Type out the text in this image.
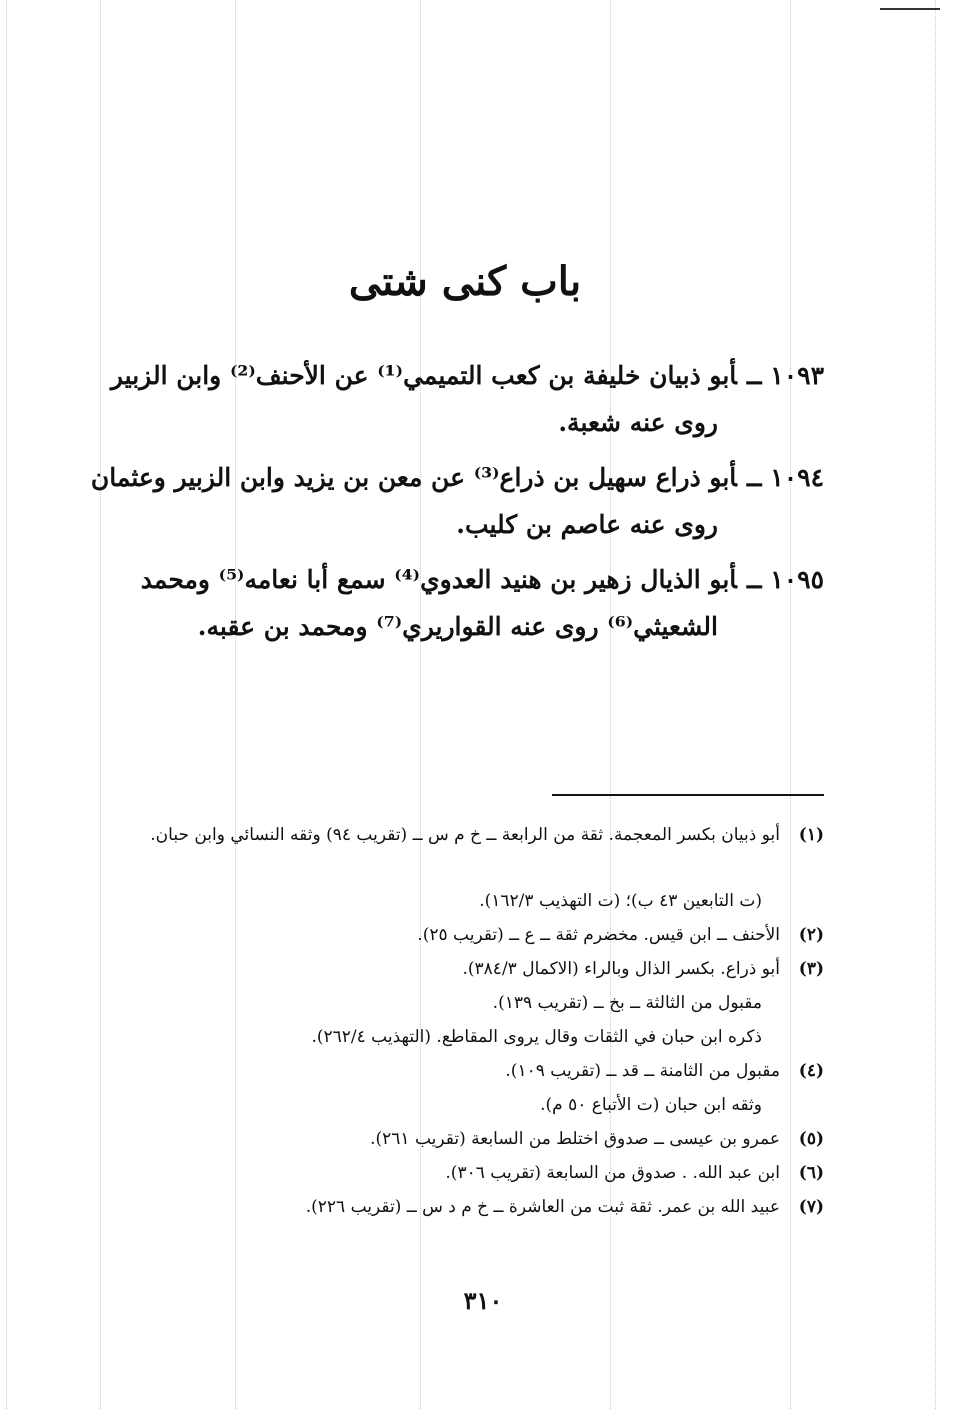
باب كنى شتى
١٠٩٣ ــأبو ذبيان خليفة بن كعب التميمي⁽¹⁾ عن الأحنف⁽²⁾ وابن الزبير
روى عنه شعبة.
١٠٩٤ ــأبو ذراع سهيل بن ذراع⁽³⁾ عن معن بن يزيد وابن الزبير وعثمان
روى عنه عاصم بن كليب.
١٠٩٥ ــأبو الذيال زهير بن هنيد العدوي⁽⁴⁾ سمع أبا نعامه⁽⁵⁾ ومحمد
الشعيثي⁽⁶⁾ روى عنه القواريري⁽⁷⁾ ومحمد بن عقبه.
(١)
أبو ذبيان بكسر المعجمة. ثقة من الرابعة ــ خ م س ــ (تقريب ٩٤) وثقه النسائي وابن حبان.
(ت التابعين ٤٣ ب)؛ (ت التهذيب ١٦٢/٣).
(٢)
الأحنف ــ ابن قيس. مخضرم ثقة ــ ع ــ (تقريب ٢٥).
(٣)
أبو ذراع. بكسر الذال وبالراء (الاكمال ٣٨٤/٣).
مقبول من الثالثة ــ بخ ــ (تقريب ١٣٩).
ذكره ابن حبان في الثقات وقال يروى المقاطع. (التهذيب ٢٦٢/٤).
(٤)
مقبول من الثامنة ــ قد ــ (تقريب ١٠٩).
وثقه ابن حبان (ت الأتباع ٥٠ م).
(٥)
عمرو بن عيسى ــ صدوق اختلط من السابعة (تقريب ٢٦١).
(٦)
ابن عبد الله. . صدوق من السابعة (تقريب ٣٠٦).
(٧)
عبيد الله بن عمر. ثقة ثبت من العاشرة ــ خ م د س ــ (تقريب ٢٢٦).
٣١٠
